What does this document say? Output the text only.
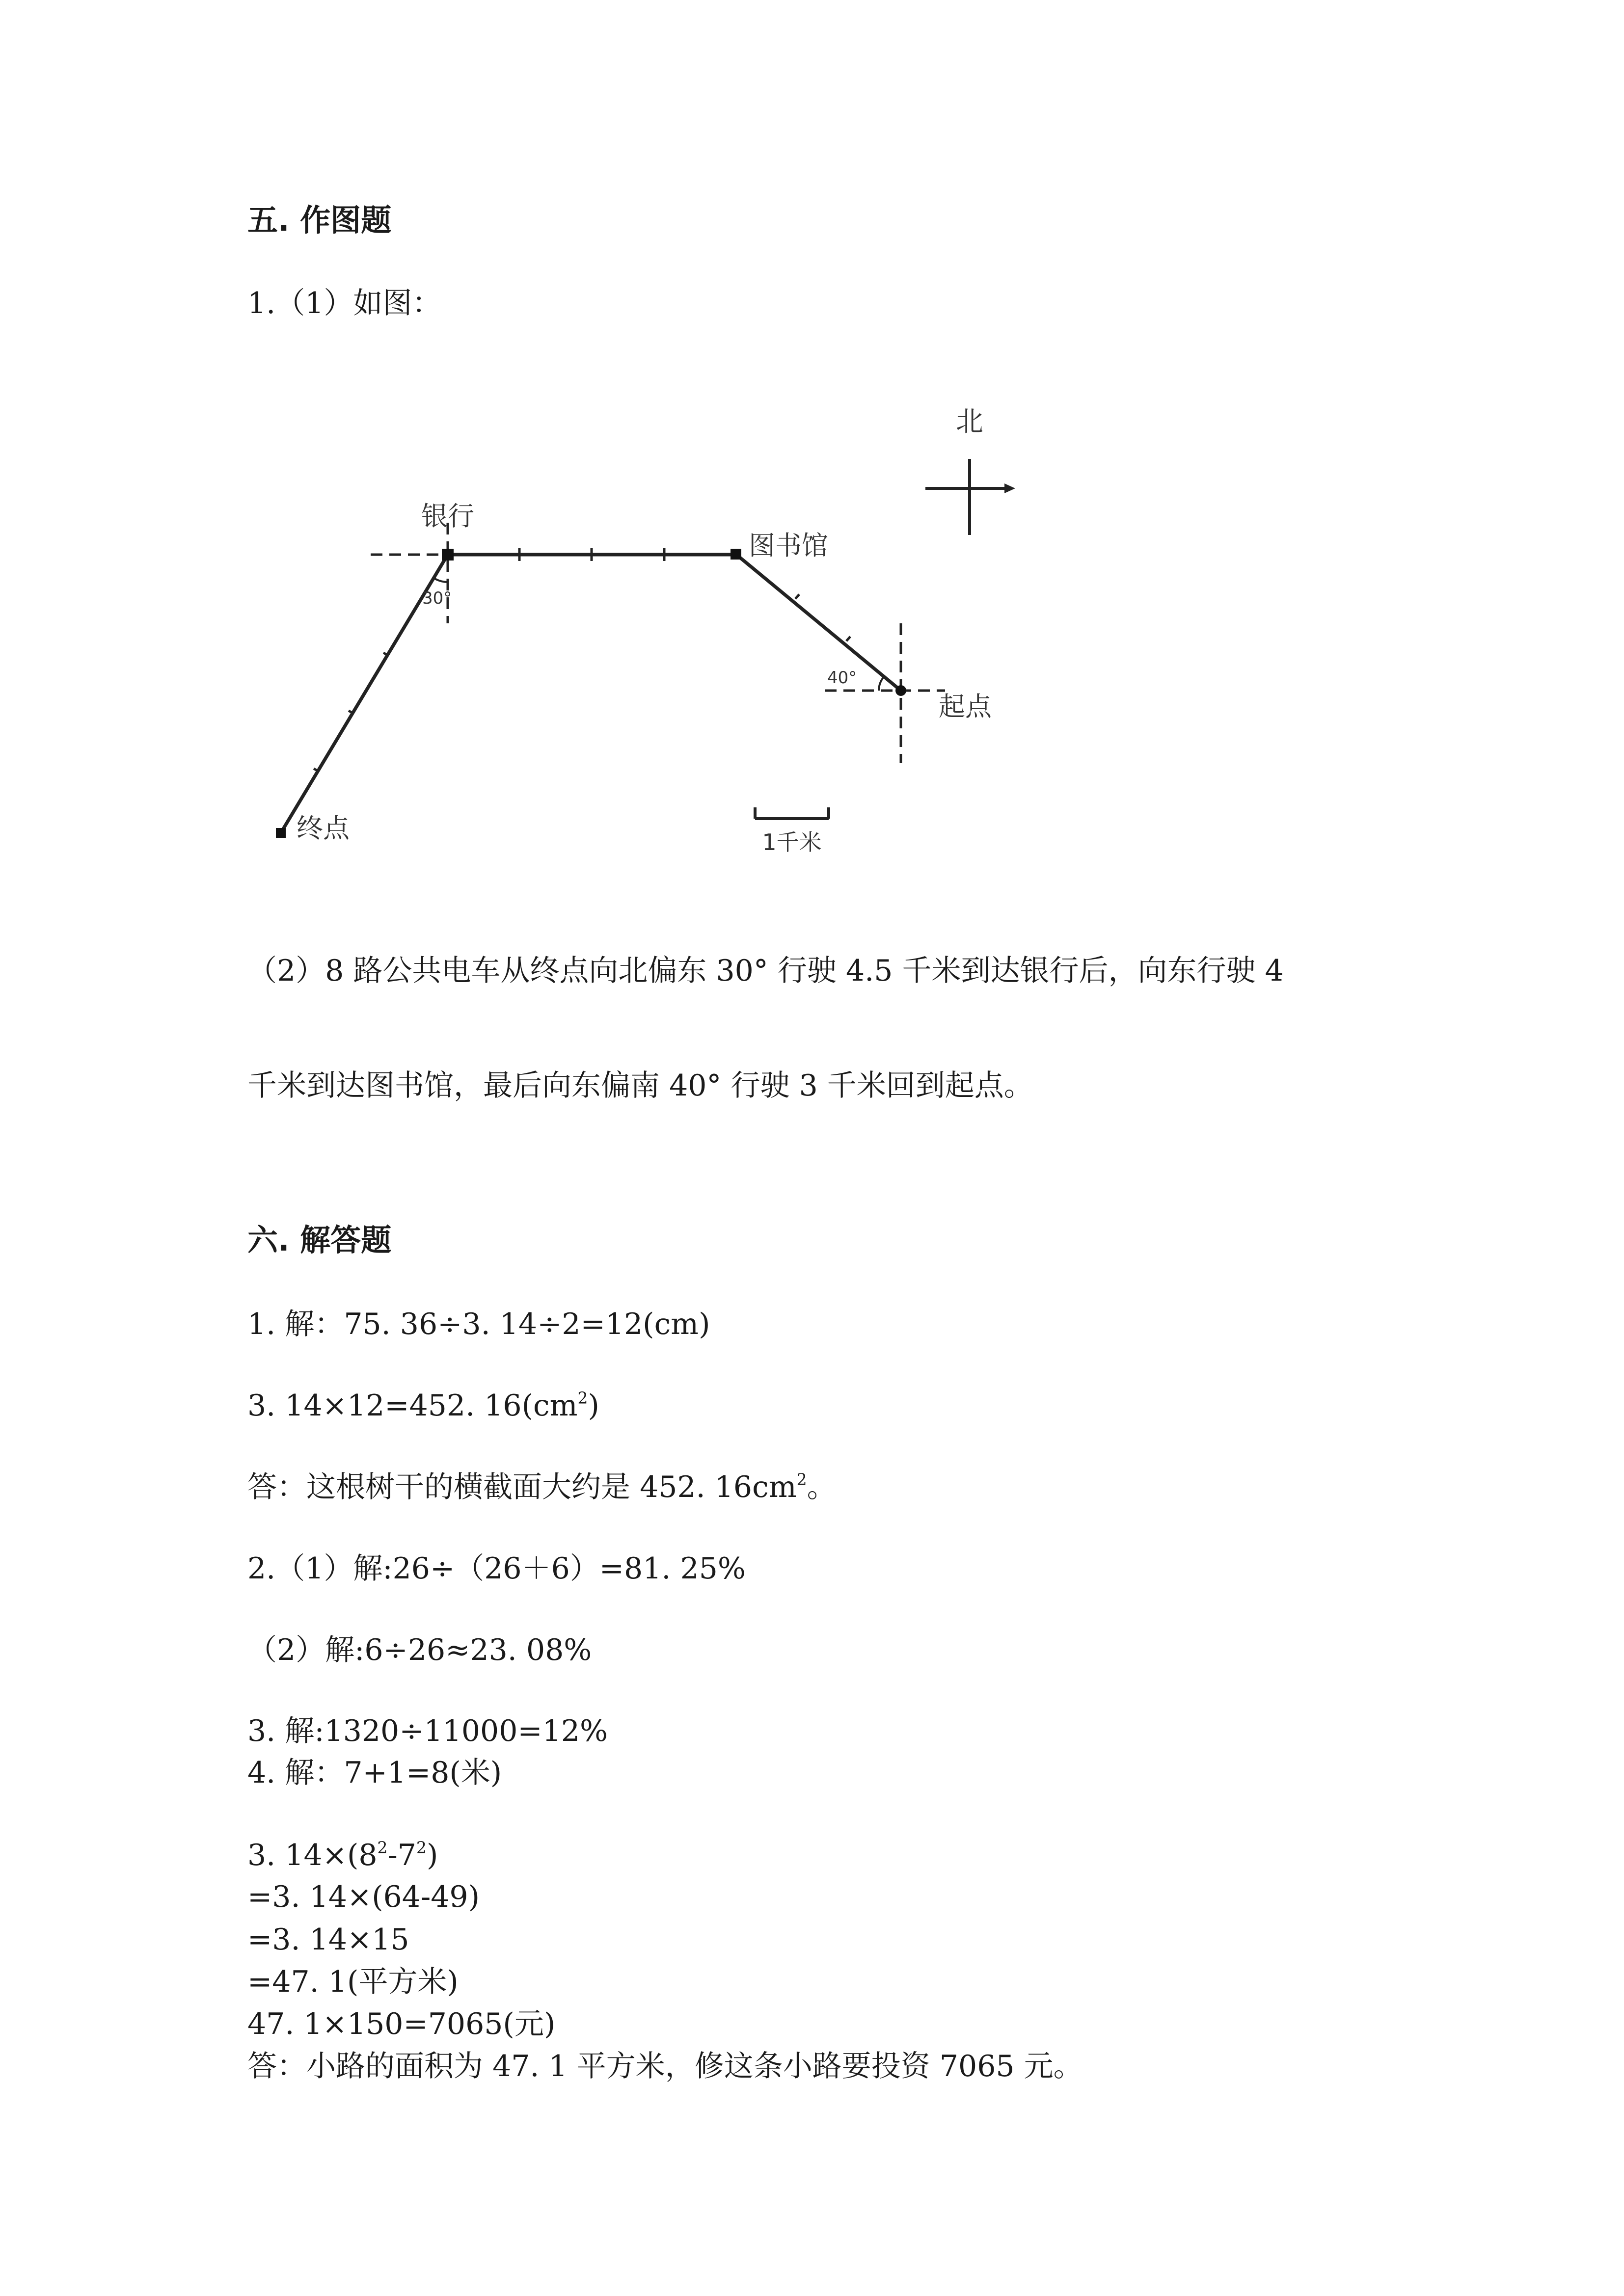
五. 作图题
1.（1）如图：
北
银行
图书馆
起点
终点
30°
40°
1千米
（2）8 路公共电车从终点向北偏东 30° 行驶 4.5 千米到达银行后，向东行驶 4
千米到达图书馆，最后向东偏南 40° 行驶 3 千米回到起点。
六. 解答题
1. 解：75. 36÷3. 14÷2=12(cm)
3. 14×12=452. $16(cm^2)$
答：这根树干的横截面大约是 452. $16cm^2$。
2.（1）解:26÷（26＋6）=81. 25%
（2）解:6÷26≈23. 08%
3. 解:1320÷11000=12%
4. 解：7+1=8(米)
3. $14\times(8^2-7^2)$
=3. 14×(64-49)
=3. 14×15
=47. 1(平方米)
47. 1×150=7065(元)
答：小路的面积为 47. 1 平方米，修这条小路要投资 7065 元。
